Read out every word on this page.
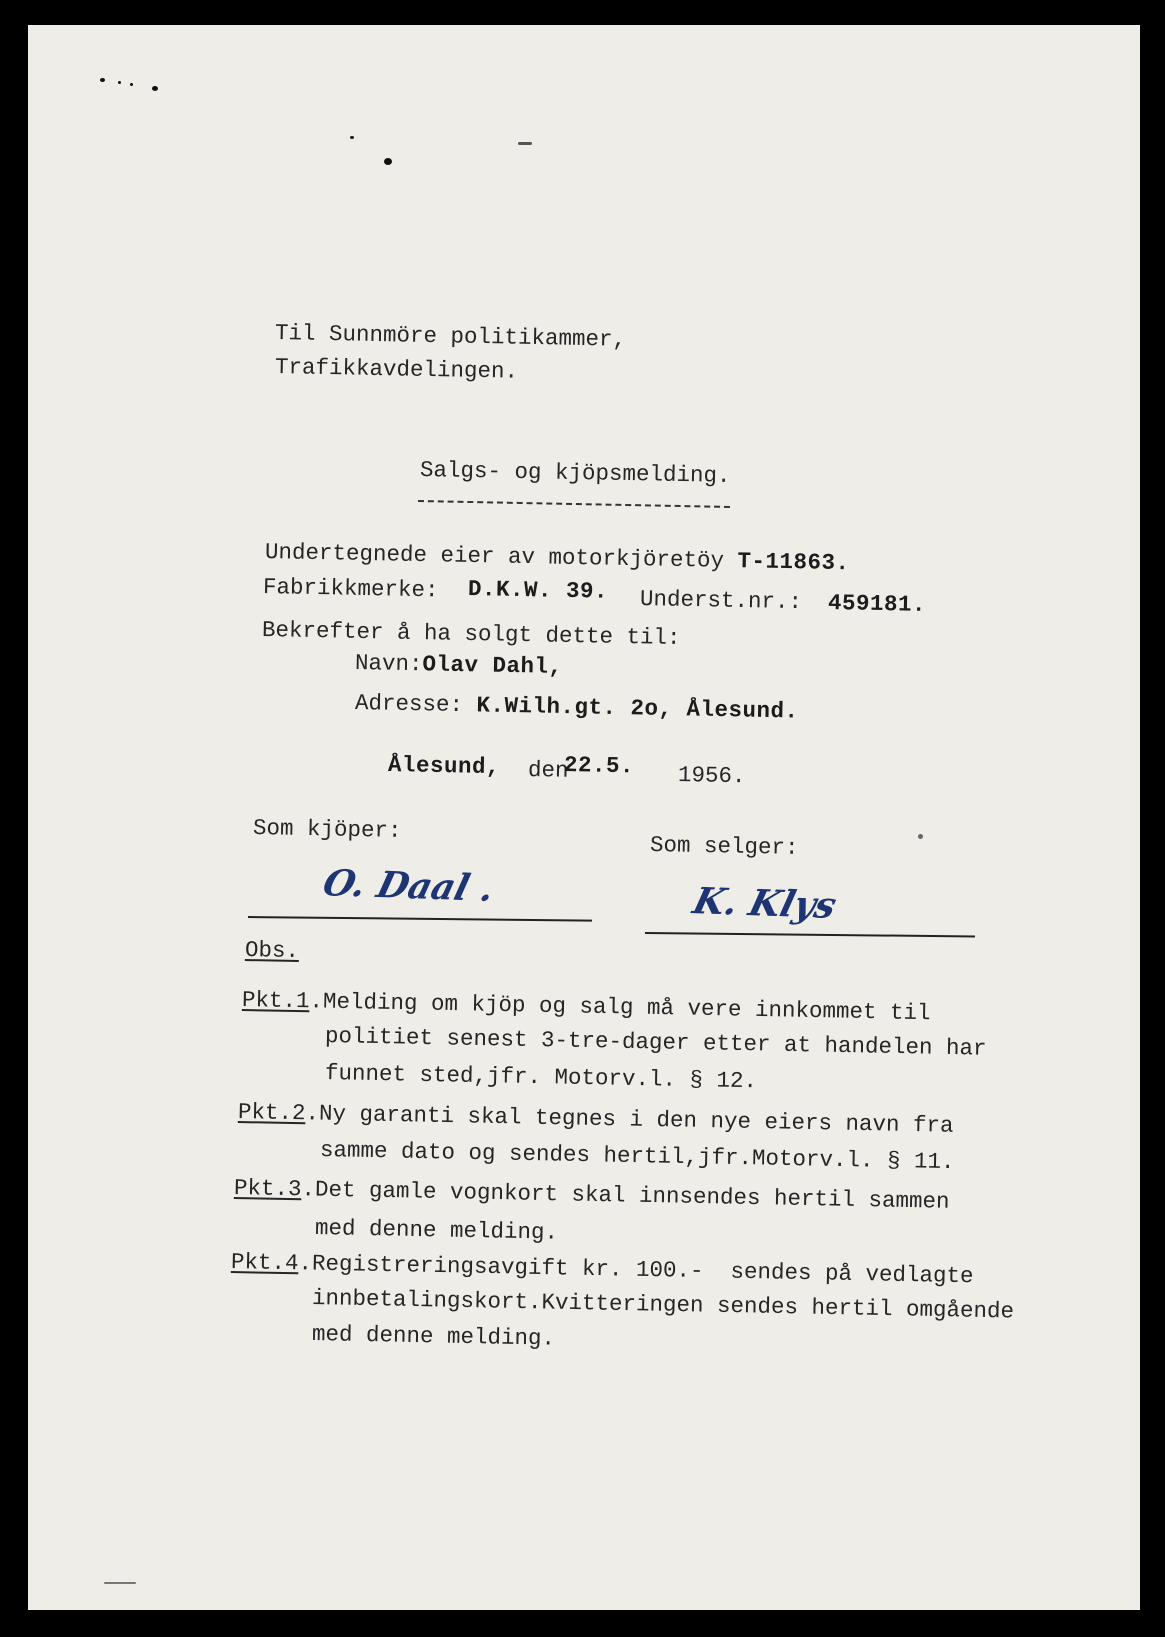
Til Sunnmöre politikammer,
Trafikkavdelingen.
Salgs- og kjöpsmelding.
Undertegnede eier av motorkjöretöy T-11863.
Fabrikkmerke: D.K.W. 39. Underst.nr.: 459181.
Bekrefter å ha solgt dette til:
Navn:Olav Dahl,
Adresse: K.Wilh.gt. 2o, Ålesund.
Ålesund, den
22.5. 1956.
Som kjöper:
Som selger:
O. Daal .	K. Klys
Obs.
Pkt.1.Melding om kjöp og salg må vere innkommet til
politiet senest 3-tre-dager etter at handelen har
funnet sted,jfr. Motorv.l. § 12.
Pkt.2.Ny garanti skal tegnes i den nye eiers navn fra
samme dato og sendes hertil,jfr.Motorv.l. § 11.
Pkt.3.Det gamle vognkort skal innsendes hertil sammen
med denne melding.
Pkt.4.Registreringsavgift kr. 100.-  sendes på vedlagte
innbetalingskort.Kvitteringen sendes hertil omgående
med denne melding.
